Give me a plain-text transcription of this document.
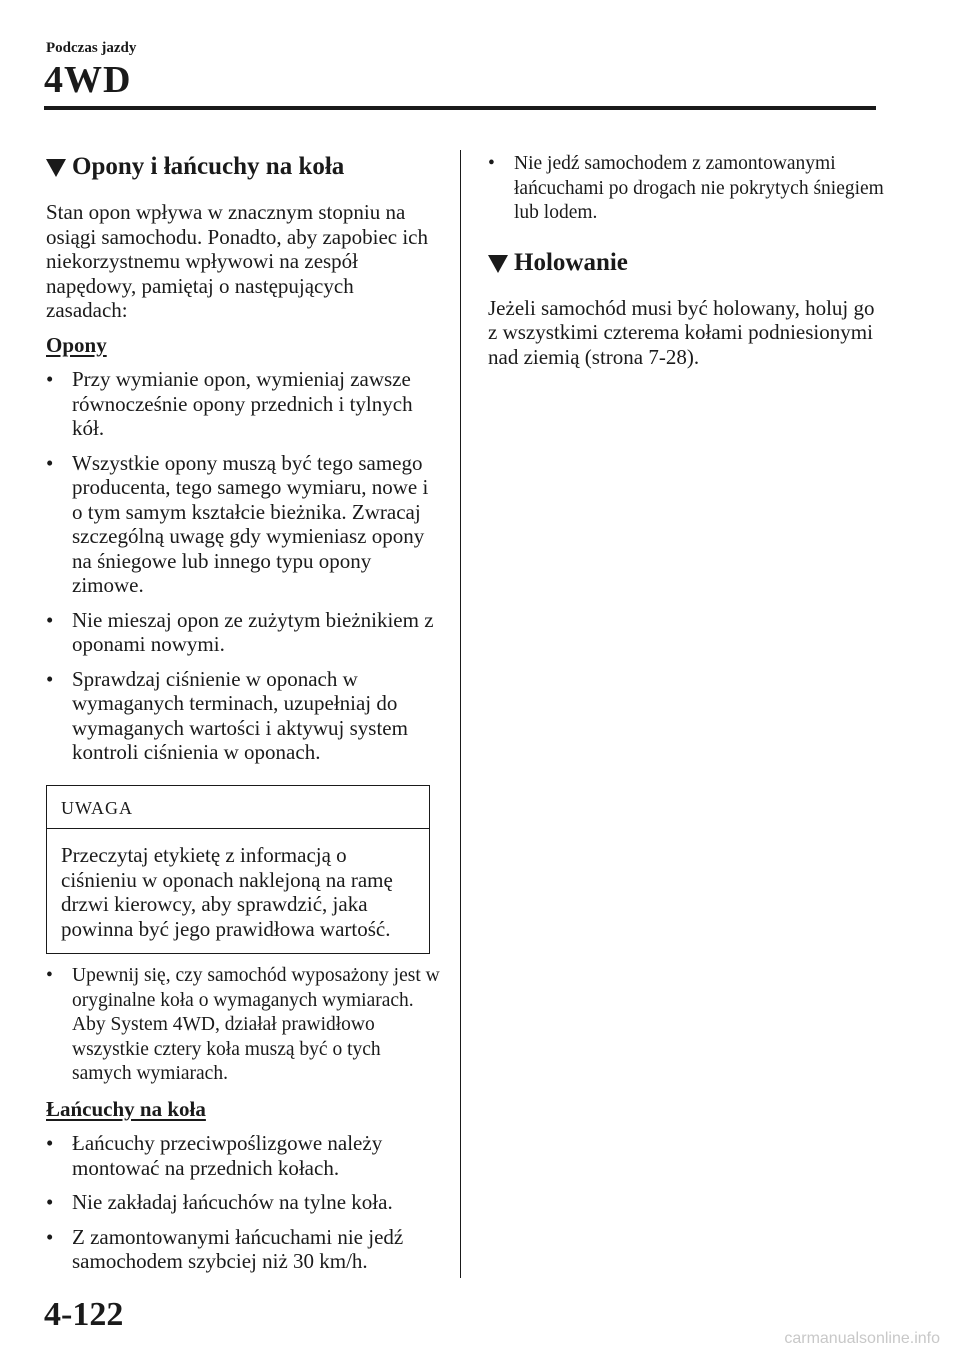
Podczas jazdy
4WD
Opony i łańcuchy na koła

Stan opon wpływa w znacznym stopniu na osiągi samochodu. Ponadto, aby zapobiec ich niekorzystnemu wpływowi na zespół napędowy, pamiętaj o następujących zasadach:

Opony

• Przy wymianie opon, wymieniaj zawsze równocześnie opony przednich i tylnych kół.
• Wszystkie opony muszą być tego samego producenta, tego samego wymiaru, nowe i o tym samym kształcie bieżnika. Zwracaj szczególną uwagę gdy wymieniasz opony na śniegowe lub innego typu opony zimowe.
• Nie mieszaj opon ze zużytym bieżnikiem z oponami nowymi.
• Sprawdzaj ciśnienie w oponach w wymaganych terminach, uzupełniaj do wymaganych wartości i aktywuj system kontroli ciśnienia w oponach.
UWAGA
Przeczytaj etykietę z informacją o ciśnieniu w oponach naklejoną na ramę drzwi kierowcy, aby sprawdzić, jaka powinna być jego prawidłowa wartość.
• Upewnij się, czy samochód wyposażony jest w oryginalne koła o wymaganych wymiarach. Aby System 4WD, działał prawidłowo wszystkie cztery koła muszą być o tych samych wymiarach.

Łańcuchy na koła

• Łańcuchy przeciwpoślizgowe należy montować na przednich kołach.
• Nie zakładaj łańcuchów na tylne koła.
• Z zamontowanymi łańcuchami nie jedź samochodem szybciej niż 30 km/h.
• Nie jedź samochodem z zamontowanymi łańcuchami po drogach nie pokrytych śniegiem lub lodem.
Holowanie

Jeżeli samochód musi być holowany, holuj go z wszystkimi czterema kołami podniesionymi nad ziemią (strona 7-28).

4-122
carmanualsonline.info
